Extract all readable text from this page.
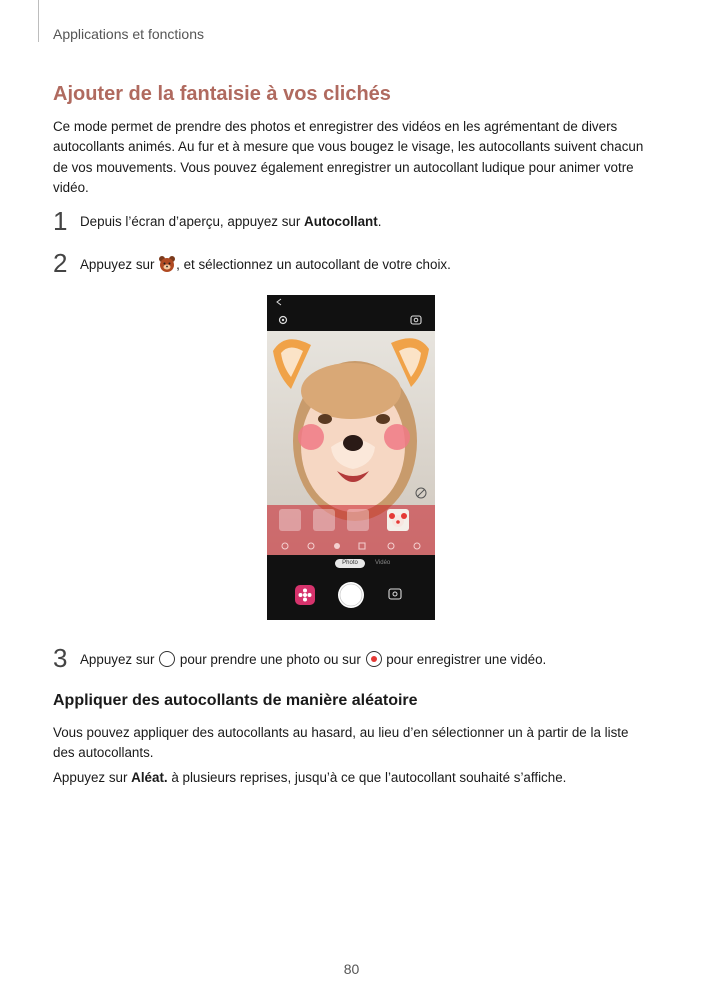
Applications et fonctions
Ajouter de la fantaisie à vos clichés

Ce mode permet de prendre des photos et enregistrer des vidéos en les agrémentant de divers autocollants animés. Au fur et à mesure que vous bougez le visage, les autocollants suivent chacun de vos mouvements. Vous pouvez également enregistrer un autocollant ludique pour animer votre vidéo.

1 Depuis l’écran d’aperçu, appuyez sur Autocollant.
2 Appuyez sur , et sélectionnez un autocollant de votre choix.
Photo	Vidéo
3 Appuyez sur  pour prendre une photo ou sur  pour enregistrer une vidéo.
Appliquer des autocollants de manière aléatoire

Vous pouvez appliquer des autocollants au hasard, au lieu d’en sélectionner un à partir de la liste des autocollants.

Appuyez sur Aléat. à plusieurs reprises, jusqu’à ce que l’autocollant souhaité s’affiche.

80
